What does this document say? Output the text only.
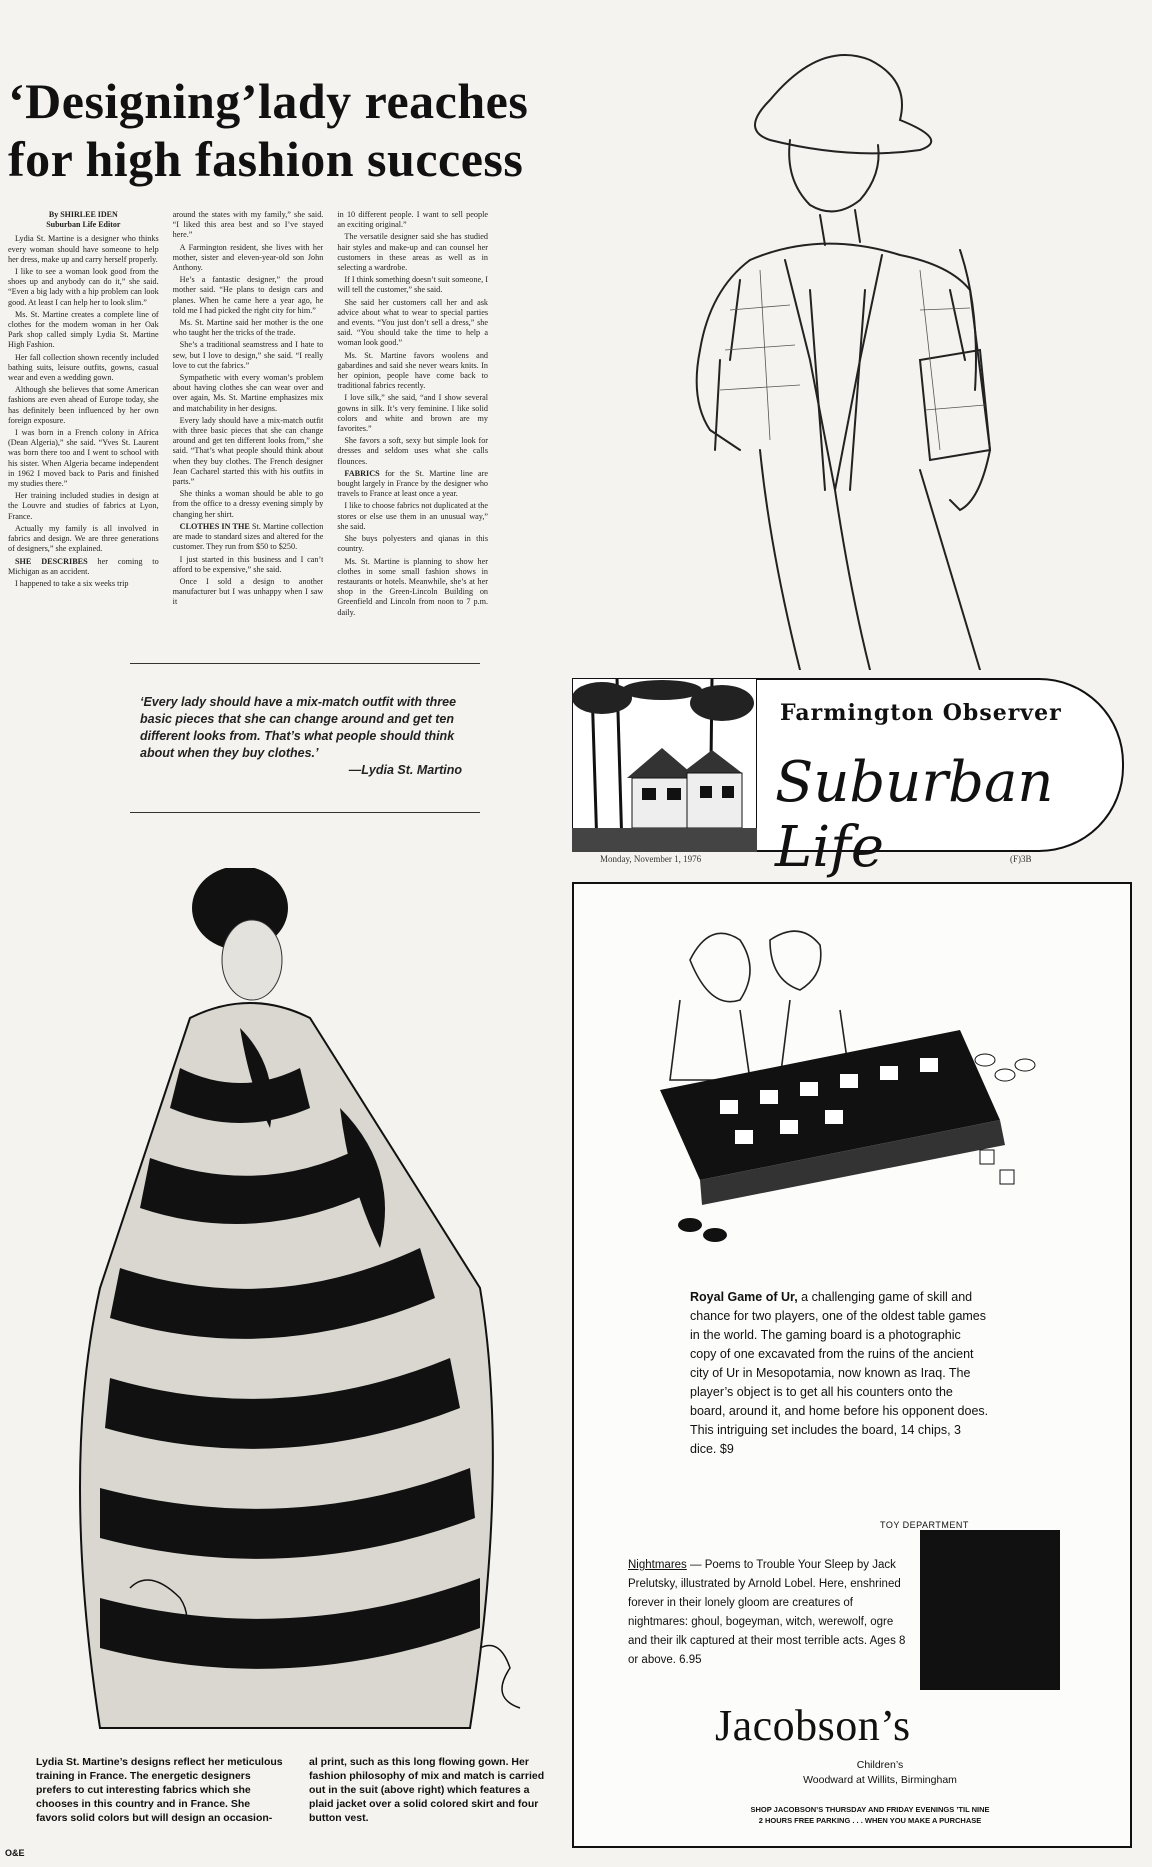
‘Designing’lady reaches
for high fashion success

By SHIRLEE IDEN
Suburban Life Editor

Lydia St. Martine is a designer who thinks every woman should have someone to help her dress, make up and carry herself properly.

I like to see a woman look good from the shoes up and anybody can do it,” she said. “Even a big lady with a hip problem can look good. At least I can help her to look slim.”

Ms. St. Martine creates a complete line of clothes for the modern woman in her Oak Park shop called simply Lydia St. Martine High Fashion.

Her fall collection shown recently included bathing suits, leisure outfits, gowns, casual wear and even a wedding gown.

Although she believes that some American fashions are even ahead of Europe today, she has definitely been influenced by her own foreign exposure.

I was born in a French colony in Africa (Dean Algeria),” she said. “Yves St. Laurent was born there too and I went to school with his sister. When Algeria became independent in 1962 I moved back to Paris and finished my studies there.”

Her training included studies in design at the Louvre and studies of fabrics at Lyon, France.

Actually my family is all involved in fabrics and design. We are three generations of designers,” she explained.

SHE DESCRIBES her coming to Michigan as an accident.

I happened to take a six weeks trip

around the states with my family,” she said. “I liked this area best and so I’ve stayed here.”

A Farmington resident, she lives with her mother, sister and eleven-year-old son John Anthony.

He’s a fantastic designer,” the proud mother said. “He plans to design cars and planes. When he came here a year ago, he told me I had picked the right city for him.”

Ms. St. Martine said her mother is the one who taught her the tricks of the trade.

She’s a traditional seamstress and I hate to sew, but I love to design,” she said. “I really love to cut the fabrics.”

Sympathetic with every woman’s problem about having clothes she can wear over and over again, Ms. St. Martine emphasizes mix and matchability in her designs.

Every lady should have a mix-match outfit with three basic pieces that she can change around and get ten different looks from,” she said. “That’s what people should think about when they buy clothes. The French designer Jean Cacharel started this with his outfits in parts.”

She thinks a woman should be able to go from the office to a dressy evening simply by changing her shirt.

CLOTHES IN THE St. Martine collection are made to standard sizes and altered for the customer. They run from $50 to $250.

I just started in this business and I can’t afford to be expensive,” she said.

Once I sold a design to another manufacturer but I was unhappy when I saw it

in 10 different people. I want to sell people an exciting original.”

The versatile designer said she has studied hair styles and make-up and can counsel her customers in these areas as well as in selecting a wardrobe.

If I think something doesn’t suit someone, I will tell the customer,” she said.

She said her customers call her and ask advice about what to wear to special parties and events. “You just don’t sell a dress,” she said. “You should take the time to help a woman look good.”

Ms. St. Martine favors woolens and gabardines and said she never wears knits. In her opinion, people have come back to traditional fabrics recently.

I love silk,” she said, “and I show several gowns in silk. It’s very feminine. I like solid colors and white and brown are my favorites.”

She favors a soft, sexy but simple look for dresses and seldom uses what she calls flounces.

FABRICS for the St. Martine line are bought largely in France by the designer who travels to France at least once a year.

I like to choose fabrics not duplicated at the stores or else use them in an unusual way,” she said.

She buys polyesters and qianas in this country.

Ms. St. Martine is planning to show her clothes in some small fashion shows in restaurants or hotels. Meanwhile, she’s at her shop in the Green-Lincoln Building on Greenfield and Lincoln from noon to 7 p.m. daily.

‘Every lady should have a mix-match outfit with three basic pieces that she can change around and get ten different looks from. That’s what people should think about when they buy clothes.’
—Lydia St. Martino
Farmington Observer
Suburban Life
Monday, November 1, 1976	(F)3B
Royal Game of Ur, a challenging game of skill and chance for two players, one of the oldest table games in the world. The gaming board is a photographic copy of one excavated from the ruins of the ancient city of Ur in Mesopotamia, now known as Iraq. The player’s object is to get all his counters onto the board, around it, and home before his opponent does. This intriguing set includes the board, 14 chips, 3 dice. $9
TOY DEPARTMENT
Nightmares — Poems to Trouble Your Sleep by Jack Prelutsky, illustrated by Arnold Lobel. Here, enshrined forever in their lonely gloom are creatures of nightmares: ghoul, bogeyman, witch, werewolf, ogre and their ilk captured at their most terrible acts. Ages 8 or above. 6.95
Jacobson’s
Children’s
Woodward at Willits, Birmingham
SHOP JACOBSON’S THURSDAY AND FRIDAY EVENINGS ’TIL NINE
2 HOURS FREE PARKING . . . WHEN YOU MAKE A PURCHASE
Lydia St. Martine’s designs reflect her meticulous training in France. The energetic designers prefers to cut interesting fabrics which she chooses in this country and in France. She favors solid colors but will design an occasion-
al print, such as this long flowing gown. Her fashion philosophy of mix and match is carried out in the suit (above right) which features a plaid jacket over a solid colored skirt and four button vest.
O&E
